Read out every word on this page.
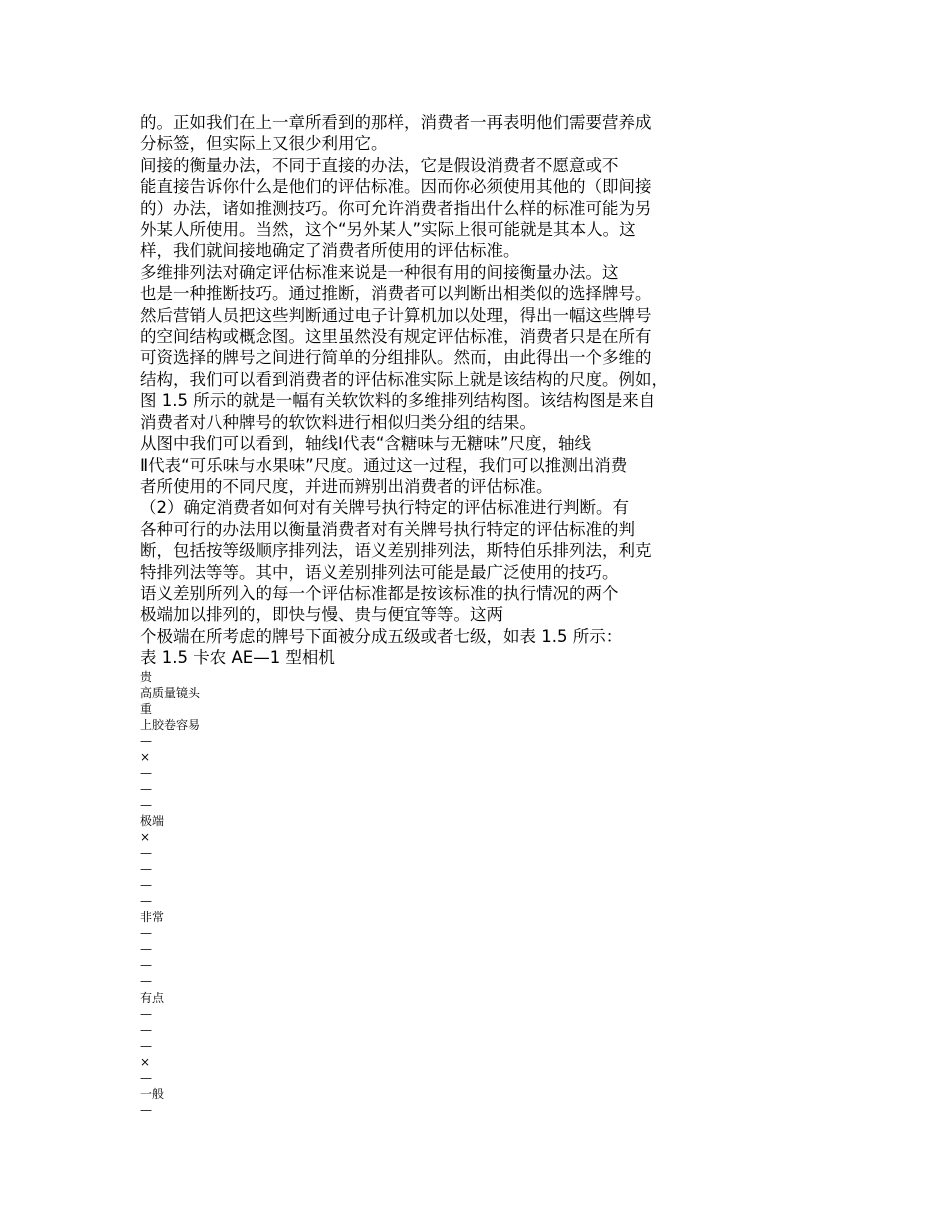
的。正如我们在上一章所看到的那样，消费者一再表明他们需要营养成
分标签，但实际上又很少利用它。
间接的衡量办法，不同于直接的办法，它是假设消费者不愿意或不
能直接告诉你什么是他们的评估标准。因而你必须使用其他的（即间接
的）办法，诸如推测技巧。你可允许消费者指出什么样的标准可能为另
外某人所使用。当然，这个“另外某人”实际上很可能就是其本人。这
样，我们就间接地确定了消费者所使用的评估标准。
多维排列法对确定评估标准来说是一种很有用的间接衡量办法。这
也是一种推断技巧。通过推断，消费者可以判断出相类似的选择牌号。
然后营销人员把这些判断通过电子计算机加以处理，得出一幅这些牌号
的空间结构或概念图。这里虽然没有规定评估标准，消费者只是在所有
可资选择的牌号之间进行简单的分组排队。然而，由此得出一个多维的
结构，我们可以看到消费者的评估标准实际上就是该结构的尺度。例如，
图 1.5 所示的就是一幅有关软饮料的多维排列结构图。该结构图是来自
消费者对八种牌号的软饮料进行相似归类分组的结果。
从图中我们可以看到，轴线Ⅰ代表“含糖味与无糖味”尺度，轴线
Ⅱ代表“可乐味与水果味”尺度。通过这一过程，我们可以推测出消费
者所使用的不同尺度，并进而辨别出消费者的评估标准。
（2）确定消费者如何对有关牌号执行特定的评估标准进行判断。有
各种可行的办法用以衡量消费者对有关牌号执行特定的评估标准的判
断，包括按等级顺序排列法，语义差别排列法，斯特伯乐排列法，利克
特排列法等等。其中，语义差别排列法可能是最广泛使用的技巧。
语义差别所列入的每一个评估标准都是按该标准的执行情况的两个
极端加以排列的，即快与慢、贵与便宜等等。这两
个极端在所考虑的牌号下面被分成五级或者七级，如表 1.5 所示：
表 1.5 卡农 AE—1 型相机
贵
高质量镜头
重
上胶卷容易
—
×
—
—
—
极端
×
—
—
—
—
非常
—
—
—
—
有点
—
—
—
×
—
一般
—
